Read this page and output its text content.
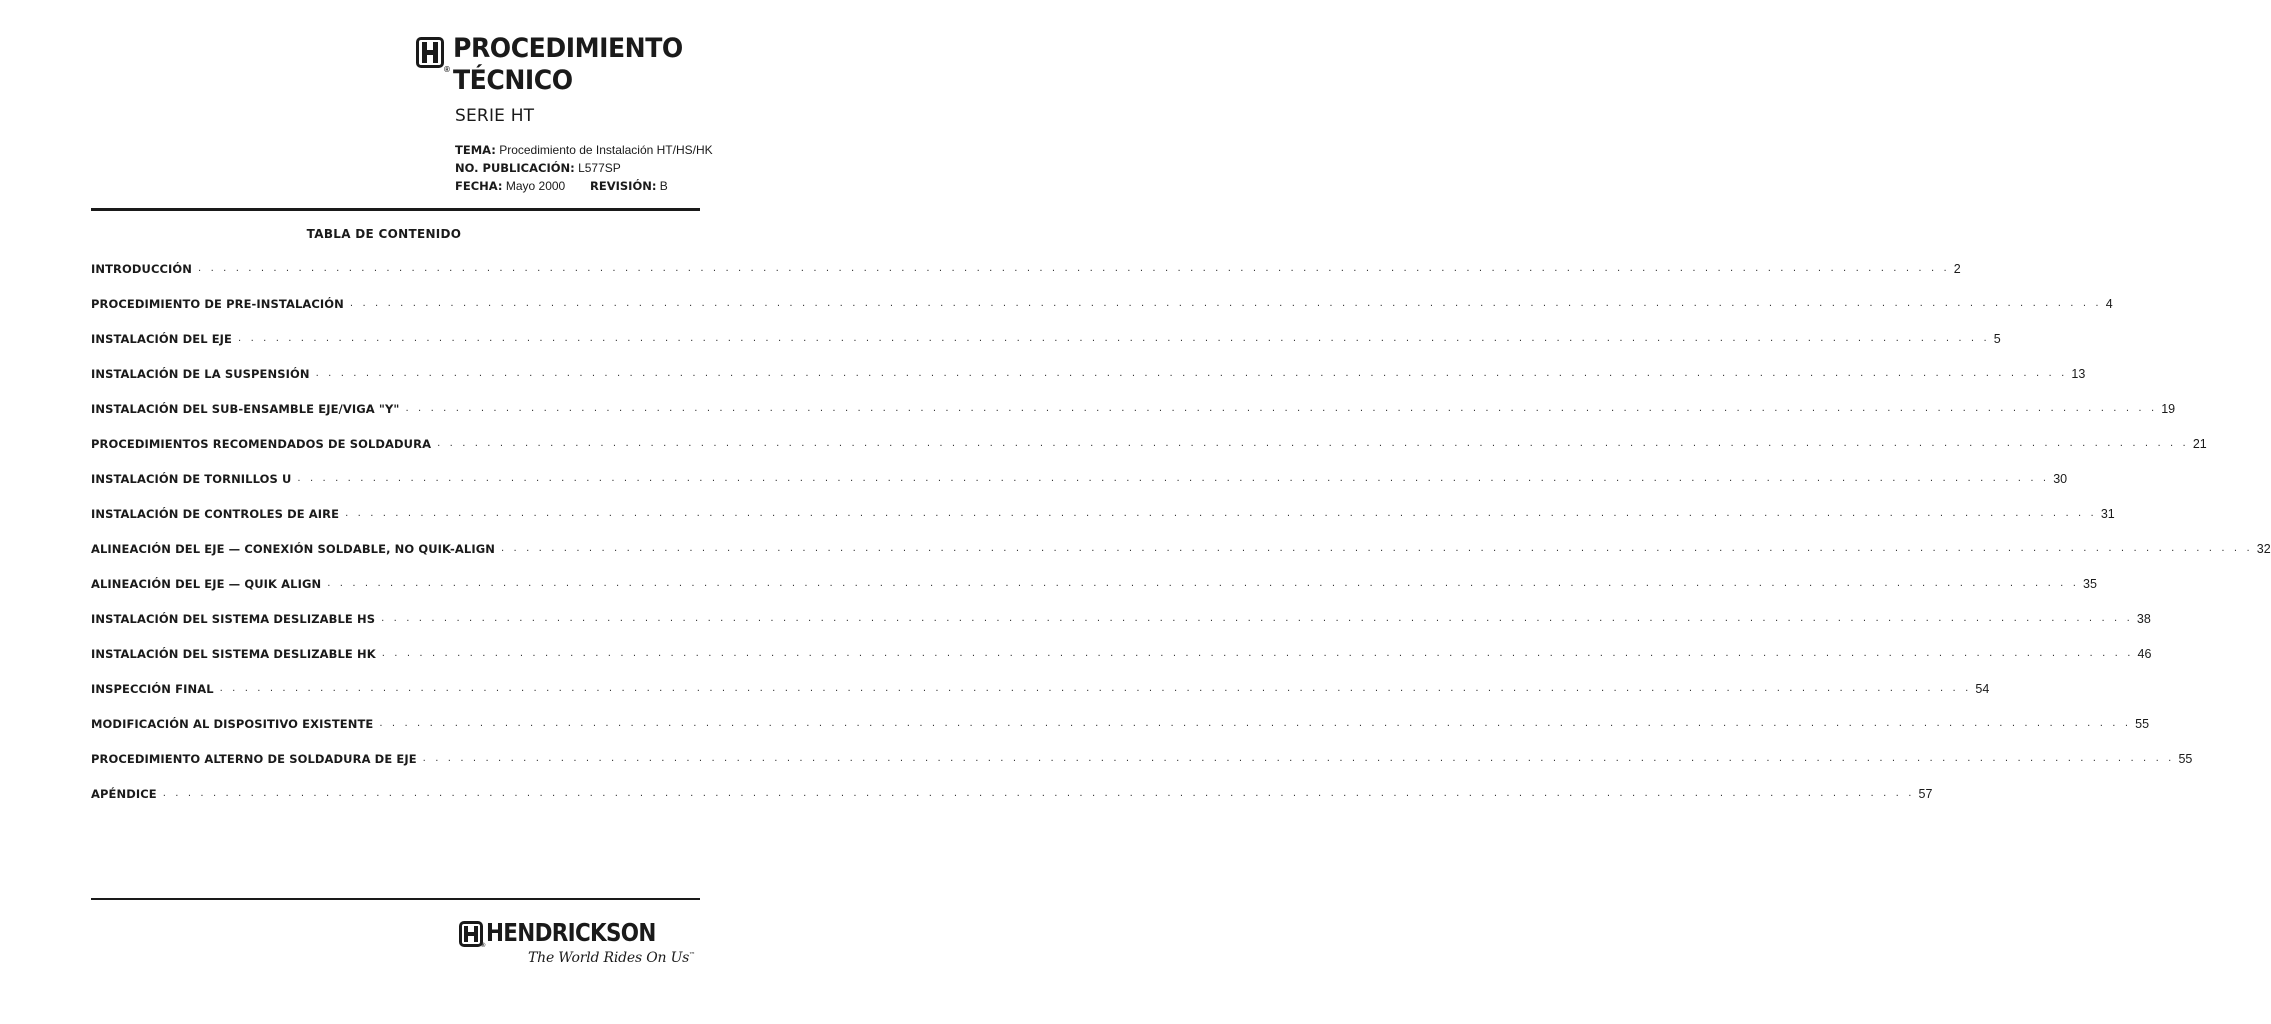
®
PROCEDIMIENTO
TÉCNICO
SERIE HT
TEMA: Procedimiento de Instalación HT/HS/HK
NO. PUBLICACIÓN: L577SP
FECHA: Mayo 2000 REVISIÓN: B
TABLA DE CONTENIDO
INTRODUCCIÓN . . . . . . . . . . . . . . . . . . . . . . . . . . . . . . . . . . . . . . . . . . . . . . . . . . . . . . . . . . . . . . . . . . . . . . . . . . . . . . . . . . . . . . . . . . . . . . . . . . . . . . . . . . . . . . . . . . . . . . . . . . . . . . . . . . . . . . . . . . . . 2
PROCEDIMIENTO DE PRE-INSTALACIÓN . . . . . . . . . . . . . . . . . . . . . . . . . . . . . . . . . . . . . . . . . . . . . . . . . . . . . . . . . . . . . . . . . . . . . . . . . . . . . . . . . . . . . . . . . . . . . . . . . . . . . . . . . . . . . . . . . . . . . . . . . . . . . . . . . . . . . . . . . . . . 4
INSTALACIÓN DEL EJE . . . . . . . . . . . . . . . . . . . . . . . . . . . . . . . . . . . . . . . . . . . . . . . . . . . . . . . . . . . . . . . . . . . . . . . . . . . . . . . . . . . . . . . . . . . . . . . . . . . . . . . . . . . . . . . . . . . . . . . . . . . . . . . . . . . . . . . . . . . . 5
INSTALACIÓN DE LA SUSPENSIÓN . . . . . . . . . . . . . . . . . . . . . . . . . . . . . . . . . . . . . . . . . . . . . . . . . . . . . . . . . . . . . . . . . . . . . . . . . . . . . . . . . . . . . . . . . . . . . . . . . . . . . . . . . . . . . . . . . . . . . . . . . . . . . . . . . . . . . . . . . . . . 13
INSTALACIÓN DEL SUB-ENSAMBLE EJE/VIGA "Y" . . . . . . . . . . . . . . . . . . . . . . . . . . . . . . . . . . . . . . . . . . . . . . . . . . . . . . . . . . . . . . . . . . . . . . . . . . . . . . . . . . . . . . . . . . . . . . . . . . . . . . . . . . . . . . . . . . . . . . . . . . . . . . . . . . . . . . . . . . . . 19
PROCEDIMIENTOS RECOMENDADOS DE SOLDADURA . . . . . . . . . . . . . . . . . . . . . . . . . . . . . . . . . . . . . . . . . . . . . . . . . . . . . . . . . . . . . . . . . . . . . . . . . . . . . . . . . . . . . . . . . . . . . . . . . . . . . . . . . . . . . . . . . . . . . . . . . . . . . . . . . . . . . . . . . . . . 21
INSTALACIÓN DE TORNILLOS U . . . . . . . . . . . . . . . . . . . . . . . . . . . . . . . . . . . . . . . . . . . . . . . . . . . . . . . . . . . . . . . . . . . . . . . . . . . . . . . . . . . . . . . . . . . . . . . . . . . . . . . . . . . . . . . . . . . . . . . . . . . . . . . . . . . . . . . . . . . . 30
INSTALACIÓN DE CONTROLES DE AIRE . . . . . . . . . . . . . . . . . . . . . . . . . . . . . . . . . . . . . . . . . . . . . . . . . . . . . . . . . . . . . . . . . . . . . . . . . . . . . . . . . . . . . . . . . . . . . . . . . . . . . . . . . . . . . . . . . . . . . . . . . . . . . . . . . . . . . . . . . . . . 31
ALINEACIÓN DEL EJE — CONEXIÓN SOLDABLE, NO QUIK-ALIGN . . . . . . . . . . . . . . . . . . . . . . . . . . . . . . . . . . . . . . . . . . . . . . . . . . . . . . . . . . . . . . . . . . . . . . . . . . . . . . . . . . . . . . . . . . . . . . . . . . . . . . . . . . . . . . . . . . . . . . . . . . . . . . . . . . . . . . . . . . . . 32
ALINEACIÓN DEL EJE — QUIK ALIGN . . . . . . . . . . . . . . . . . . . . . . . . . . . . . . . . . . . . . . . . . . . . . . . . . . . . . . . . . . . . . . . . . . . . . . . . . . . . . . . . . . . . . . . . . . . . . . . . . . . . . . . . . . . . . . . . . . . . . . . . . . . . . . . . . . . . . . . . . . . . 35
INSTALACIÓN DEL SISTEMA DESLIZABLE HS . . . . . . . . . . . . . . . . . . . . . . . . . . . . . . . . . . . . . . . . . . . . . . . . . . . . . . . . . . . . . . . . . . . . . . . . . . . . . . . . . . . . . . . . . . . . . . . . . . . . . . . . . . . . . . . . . . . . . . . . . . . . . . . . . . . . . . . . . . . . 38
INSTALACIÓN DEL SISTEMA DESLIZABLE HK . . . . . . . . . . . . . . . . . . . . . . . . . . . . . . . . . . . . . . . . . . . . . . . . . . . . . . . . . . . . . . . . . . . . . . . . . . . . . . . . . . . . . . . . . . . . . . . . . . . . . . . . . . . . . . . . . . . . . . . . . . . . . . . . . . . . . . . . . . . . 46
INSPECCIÓN FINAL . . . . . . . . . . . . . . . . . . . . . . . . . . . . . . . . . . . . . . . . . . . . . . . . . . . . . . . . . . . . . . . . . . . . . . . . . . . . . . . . . . . . . . . . . . . . . . . . . . . . . . . . . . . . . . . . . . . . . . . . . . . . . . . . . . . . . . . . . . . . 54
MODIFICACIÓN AL DISPOSITIVO EXISTENTE . . . . . . . . . . . . . . . . . . . . . . . . . . . . . . . . . . . . . . . . . . . . . . . . . . . . . . . . . . . . . . . . . . . . . . . . . . . . . . . . . . . . . . . . . . . . . . . . . . . . . . . . . . . . . . . . . . . . . . . . . . . . . . . . . . . . . . . . . . . . 55
PROCEDIMIENTO ALTERNO DE SOLDADURA DE EJE . . . . . . . . . . . . . . . . . . . . . . . . . . . . . . . . . . . . . . . . . . . . . . . . . . . . . . . . . . . . . . . . . . . . . . . . . . . . . . . . . . . . . . . . . . . . . . . . . . . . . . . . . . . . . . . . . . . . . . . . . . . . . . . . . . . . . . . . . . . . 55
APÉNDICE . . . . . . . . . . . . . . . . . . . . . . . . . . . . . . . . . . . . . . . . . . . . . . . . . . . . . . . . . . . . . . . . . . . . . . . . . . . . . . . . . . . . . . . . . . . . . . . . . . . . . . . . . . . . . . . . . . . . . . . . . . . . . . . . . . . . . . . . . . . . 57
HENDRICKSON
®
The World Rides On Us™
